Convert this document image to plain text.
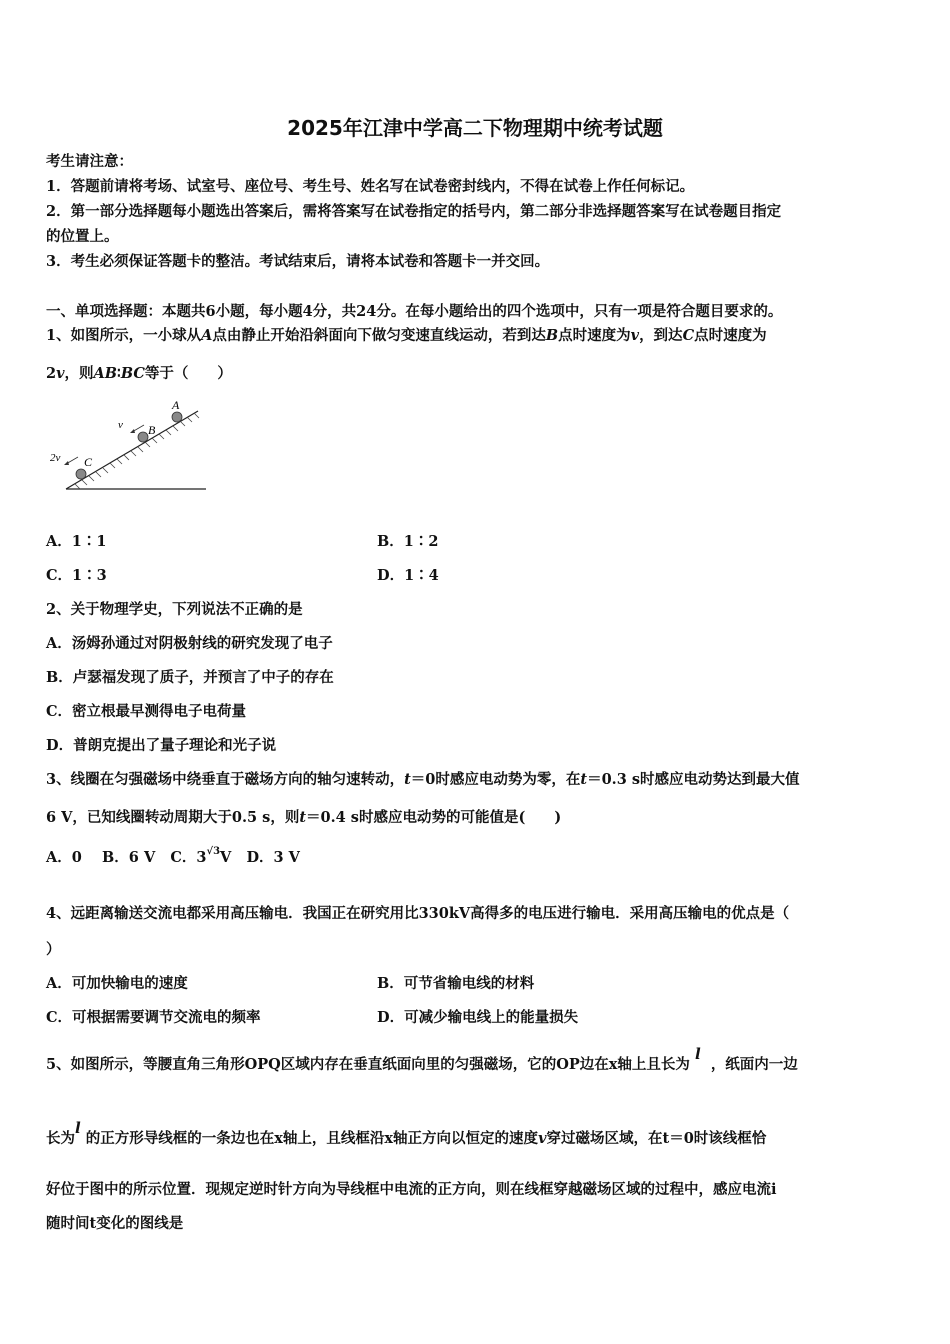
2025年江津中学高二下物理期中统考试题
考生请注意：
1．答题前请将考场、试室号、座位号、考生号、姓名写在试卷密封线内，不得在试卷上作任何标记。
2．第一部分选择题每小题选出答案后，需将答案写在试卷指定的括号内，第二部分非选择题答案写在试卷题目指定
的位置上。
3．考生必须保证答题卡的整洁。考试结束后，请将本试卷和答题卡一并交回。
一、单项选择题：本题共6小题，每小题4分，共24分。在每小题给出的四个选项中，只有一项是符合题目要求的。
1、如图所示，一小球从A点由静止开始沿斜面向下做匀变速直线运动，若到达B点时速度为v，到达C点时速度为
2v，则AB∶BC等于（　　）
A
B
C
v
2v
A．1∶1	B．1∶2
C．1∶3	D．1∶4
2、关于物理学史，下列说法不正确的是
A．汤姆孙通过对阴极射线的研究发现了电子
B．卢瑟福发现了质子，并预言了中子的存在
C．密立根最早测得电子电荷量
D．普朗克提出了量子理论和光子说
3、线圈在匀强磁场中绕垂直于磁场方向的轴匀速转动，t＝0时感应电动势为零，在t＝0.3 s时感应电动势达到最大值
6 V，已知线圈转动周期大于0.5 s，则t＝0.4 s时感应电动势的可能值是(　　)
A．0 B．6 V C．$3^{√3}V$ D．3 V
4、远距离输送交流电都采用高压输电．我国正在研究用比330kV高得多的电压进行输电．采用高压输电的优点是（
）
A．可加快输电的速度	B．可节省输电线的材料
C．可根据需要调节交流电的频率	D．可减少输电线上的能量损失
5、如图所示，等腰直角三角形OPQ区域内存在垂直纸面向里的匀强磁场，它的OP边在x轴上且长为 l  ，纸面内一边
长为l 的正方形导线框的一条边也在x轴上，且线框沿x轴正方向以恒定的速度v穿过磁场区域，在t＝0时该线框恰
好位于图中的所示位置．现规定逆时针方向为导线框中电流的正方向，则在线框穿越磁场区域的过程中，感应电流i
随时间t变化的图线是
